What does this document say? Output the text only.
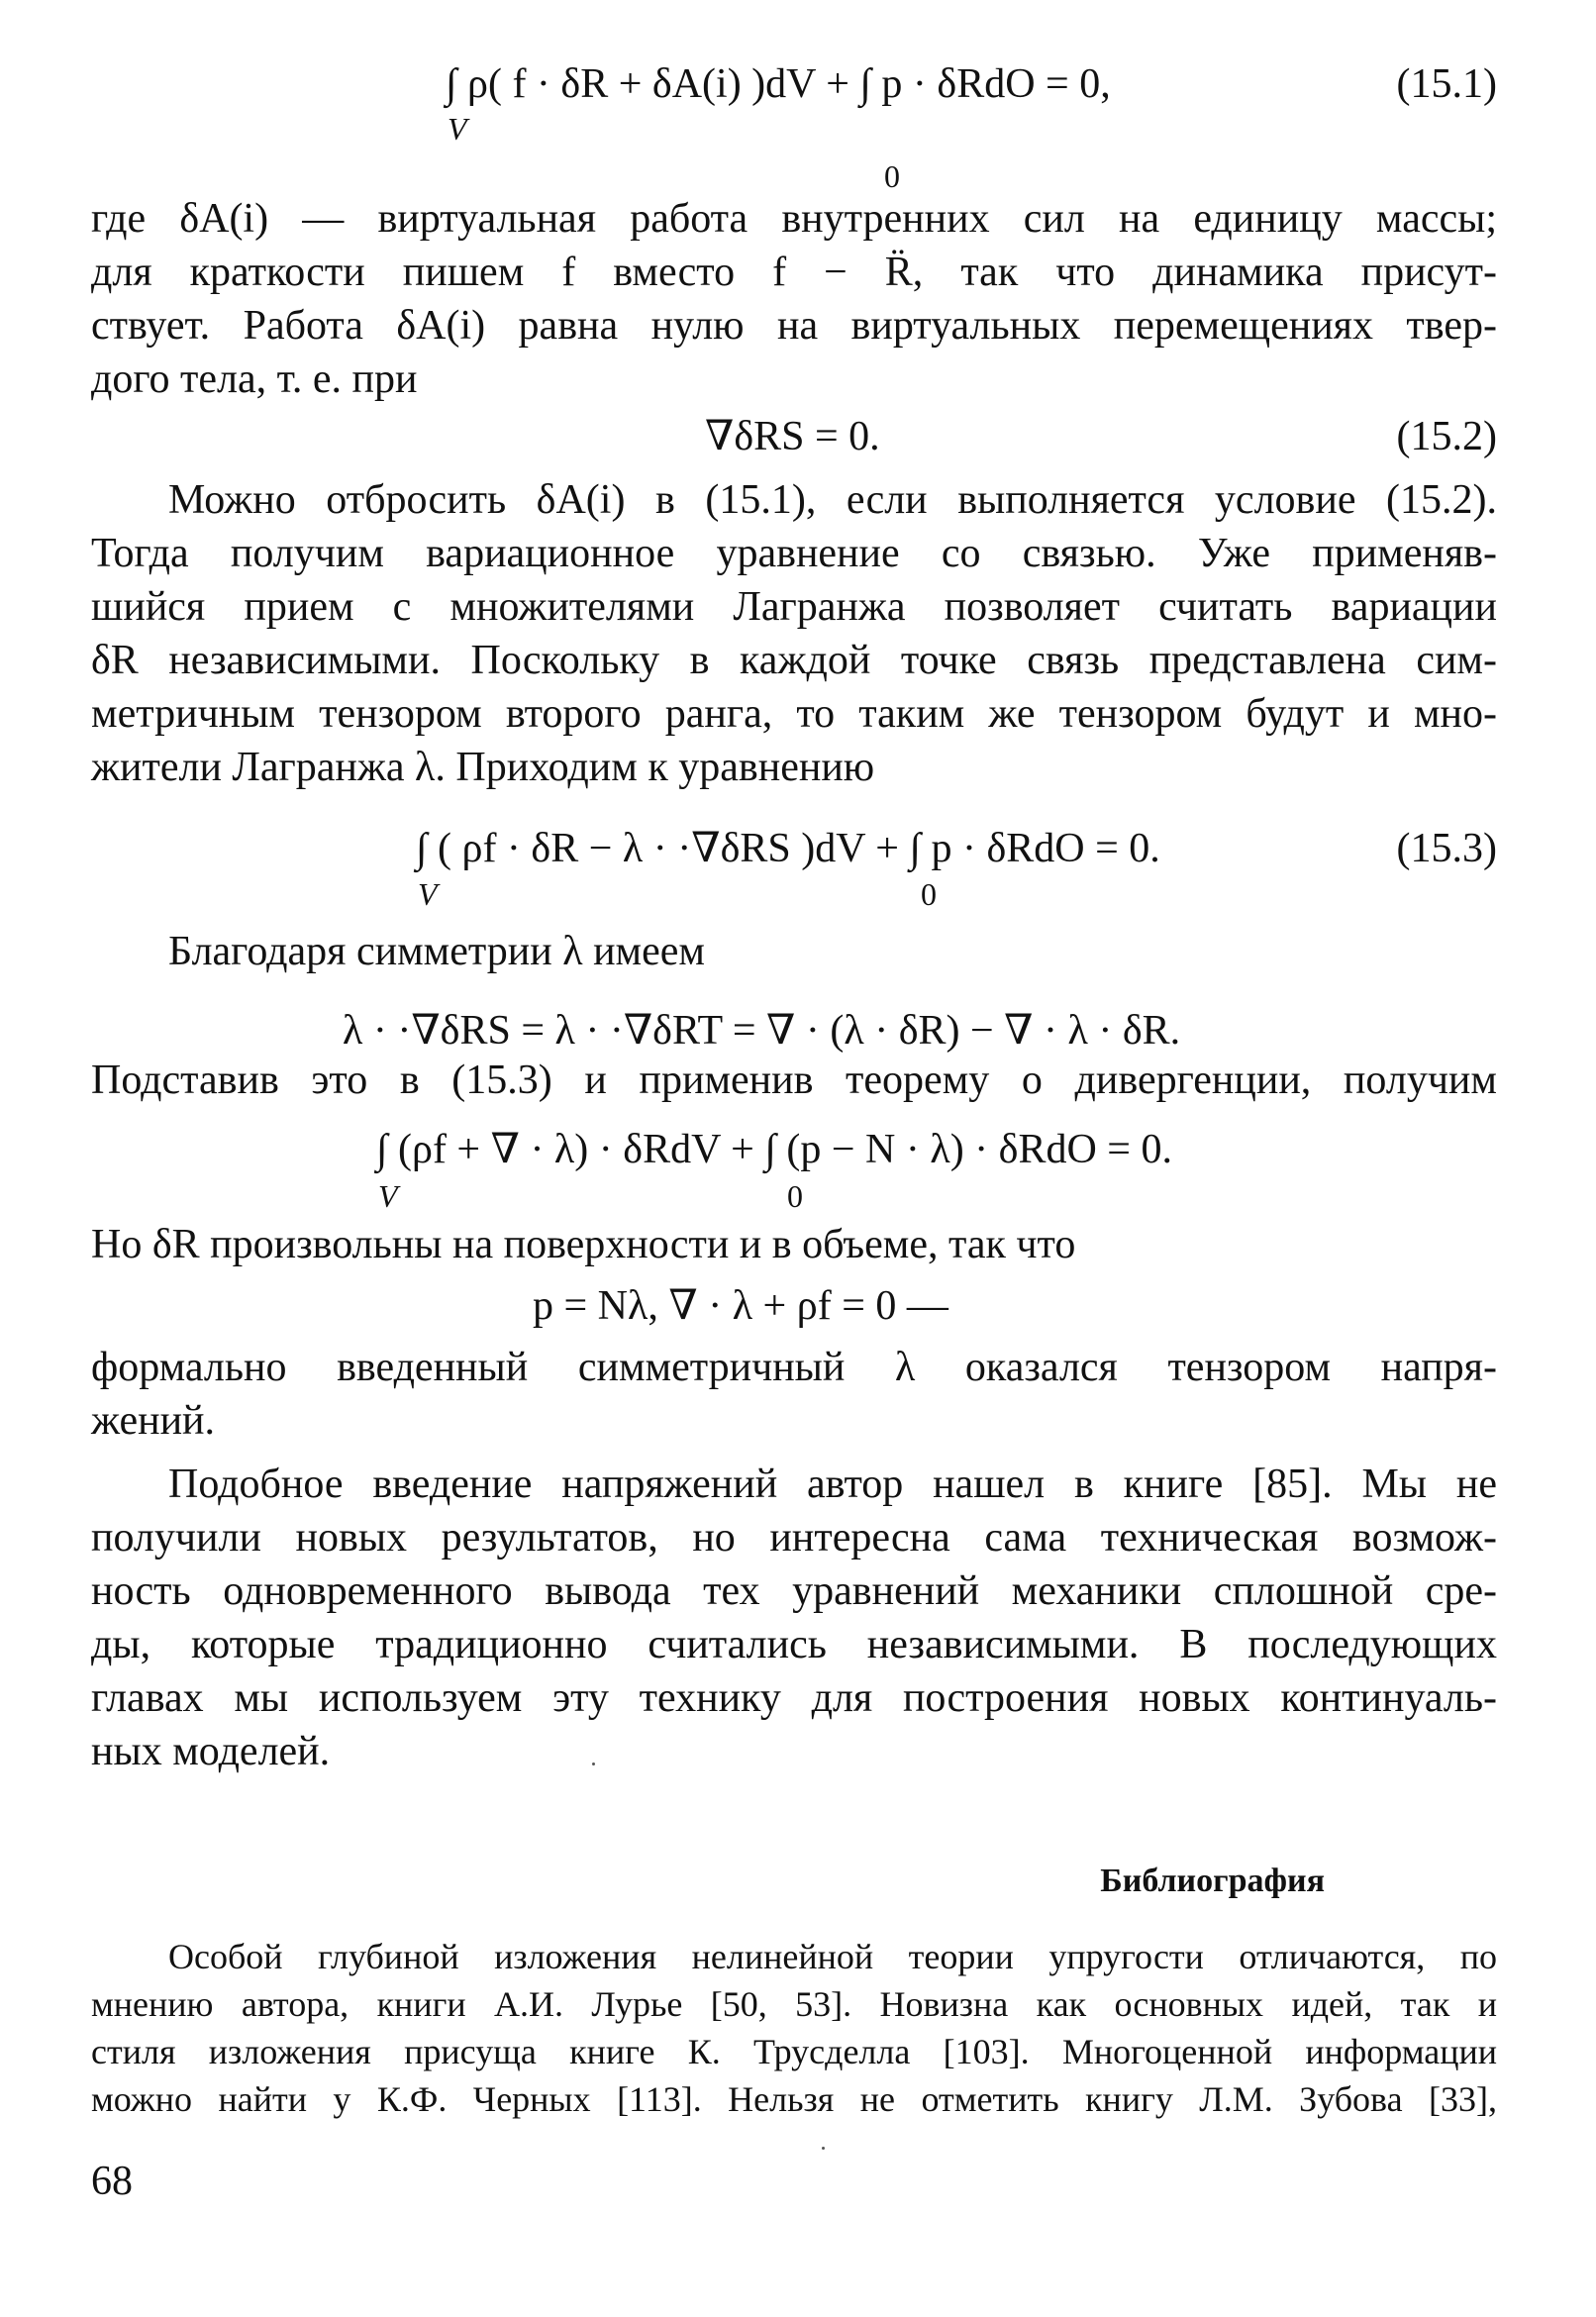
∫ ρ( f · δR + δA(i) )dV + ∫ p · δRdO = 0,
V
0
(15.1)
где δA(i) — виртуальная работа внутренних сил на единицу массы;
для краткости пишем f вместо f − R̈, так что динамика присут-
ствует. Работа δA(i) равна нулю на виртуальных перемещениях твер-
дого тела, т. е. при
∇δRS = 0.	(15.2)
Можно отбросить δA(i) в (15.1), если выполняется условие (15.2).
Тогда получим вариационное уравнение со связью. Уже применяв-
шийся прием с множителями Лагранжа позволяет считать вариации
δR независимыми. Поскольку в каждой точке связь представлена сим-
метричным тензором второго ранга, то таким же тензором будут и мно-
жители Лагранжа λ. Приходим к уравнению
∫ ( ρf · δR − λ · ·∇δRS )dV + ∫ p · δRdO = 0.
V	0
(15.3)
Благодаря симметрии λ имеем
λ · ·∇δRS = λ · ·∇δRT = ∇ · (λ · δR) − ∇ · λ · δR.
Подставив это в (15.3) и применив теорему о дивергенции, получим
∫ (ρf + ∇ · λ) · δRdV + ∫ (p − N · λ) · δRdO = 0.
V	0
Но δR произвольны на поверхности и в объеме, так что
p = Nλ, ∇ · λ + ρf = 0 —
формально введенный симметричный λ оказался тензором напря-
жений.
Подобное введение напряжений автор нашел в книге [85]. Мы не
получили новых результатов, но интересна сама техническая возмож-
ность одновременного вывода тех уравнений механики сплошной сре-
ды, которые традиционно считались независимыми. В последующих
главах мы используем эту технику для построения новых континуаль-
ных моделей.
Библиография
Особой глубиной изложения нелинейной теории упругости отличаются, по
мнению автора, книги А.И. Лурье [50, 53]. Новизна как основных идей, так и
стиля изложения присуща книге К. Трусделла [103]. Многоценной информации
можно найти у К.Ф. Черных [113]. Нельзя не отметить книгу Л.М. Зубова [33],
68
